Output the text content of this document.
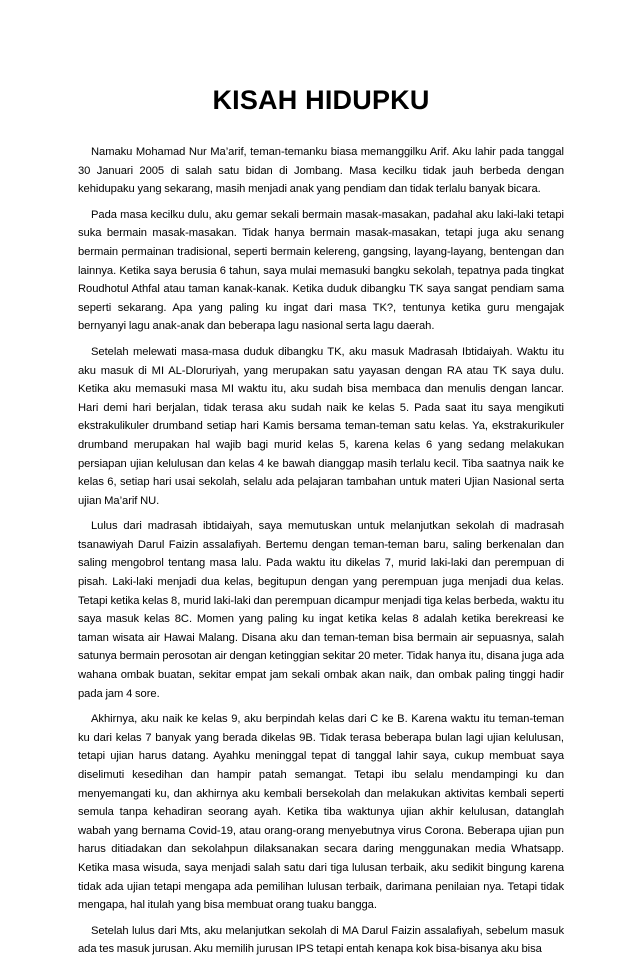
KISAH HIDUPKU

Namaku Mohamad Nur Ma’arif, teman-temanku biasa memanggilku Arif. Aku lahir pada tanggal 30 Januari 2005 di salah satu bidan di Jombang. Masa kecilku tidak jauh berbeda dengan kehidupaku yang sekarang, masih menjadi anak yang pendiam dan tidak terlalu banyak bicara.

Pada masa kecilku dulu, aku gemar sekali bermain masak-masakan, padahal aku laki-laki tetapi suka bermain masak-masakan. Tidak hanya bermain masak-masakan, tetapi juga aku senang bermain permainan tradisional, seperti bermain kelereng, gangsing, layang-layang, bentengan dan lainnya. Ketika saya berusia 6 tahun, saya mulai memasuki bangku sekolah, tepatnya pada tingkat Roudhotul Athfal atau taman kanak-kanak. Ketika duduk dibangku TK saya sangat pendiam sama seperti sekarang. Apa yang paling ku ingat dari masa TK?, tentunya ketika guru mengajak bernyanyi lagu anak-anak dan beberapa lagu nasional serta lagu daerah.

Setelah melewati masa-masa duduk dibangku TK, aku masuk Madrasah Ibtidaiyah. Waktu itu aku masuk di MI AL-Dloruriyah, yang merupakan satu yayasan dengan RA atau TK saya dulu. Ketika aku memasuki masa MI waktu itu, aku sudah bisa membaca dan menulis dengan lancar. Hari demi hari berjalan, tidak terasa aku sudah naik ke kelas 5. Pada saat itu saya mengikuti ekstrakulikuler drumband setiap hari Kamis bersama teman-teman satu kelas. Ya, ekstrakurikuler drumband merupakan hal wajib bagi murid kelas 5, karena kelas 6 yang sedang melakukan persiapan ujian kelulusan dan kelas 4 ke bawah dianggap masih terlalu kecil. Tiba saatnya naik ke kelas 6, setiap hari usai sekolah, selalu ada pelajaran tambahan untuk materi Ujian Nasional serta ujian Ma’arif NU.

Lulus dari madrasah ibtidaiyah, saya memutuskan untuk melanjutkan sekolah di madrasah tsanawiyah Darul Faizin assalafiyah. Bertemu dengan teman-teman baru, saling berkenalan dan saling mengobrol tentang masa lalu. Pada waktu itu dikelas 7, murid laki-laki dan perempuan di pisah. Laki-laki menjadi dua kelas, begitupun dengan yang perempuan juga menjadi dua kelas. Tetapi ketika kelas 8, murid laki-laki dan perempuan dicampur menjadi tiga kelas berbeda, waktu itu saya masuk kelas 8C. Momen yang paling ku ingat ketika kelas 8 adalah ketika berekreasi ke taman wisata air Hawai Malang. Disana aku dan teman-teman bisa bermain air sepuasnya, salah satunya bermain perosotan air dengan ketinggian sekitar 20 meter. Tidak hanya itu, disana juga ada wahana ombak buatan, sekitar empat jam sekali ombak akan naik, dan ombak paling tinggi hadir pada jam 4 sore.

Akhirnya, aku naik ke kelas 9, aku berpindah kelas dari C ke B. Karena waktu itu teman-teman ku dari kelas 7 banyak yang berada dikelas 9B. Tidak terasa beberapa bulan lagi ujian kelulusan, tetapi ujian harus datang. Ayahku meninggal tepat di tanggal lahir saya, cukup membuat saya diselimuti kesedihan dan hampir patah semangat. Tetapi ibu selalu mendampingi ku dan menyemangati ku, dan akhirnya aku kembali bersekolah dan melakukan aktivitas kembali seperti semula tanpa kehadiran seorang ayah. Ketika tiba waktunya ujian akhir kelulusan, datanglah wabah yang bernama Covid-19, atau orang-orang menyebutnya virus Corona. Beberapa ujian pun harus ditiadakan dan sekolahpun dilaksanakan secara daring menggunakan media Whatsapp. Ketika masa wisuda, saya menjadi salah satu dari tiga lulusan terbaik, aku sedikit bingung karena tidak ada ujian tetapi mengapa ada pemilihan lulusan terbaik, darimana penilaian nya. Tetapi tidak mengapa, hal itulah yang bisa membuat orang tuaku bangga.

Setelah lulus dari Mts, aku melanjutkan sekolah di MA Darul Faizin assalafiyah, sebelum masuk ada tes masuk jurusan. Aku memilih jurusan IPS tetapi entah kenapa kok bisa-bisanya aku bisa
